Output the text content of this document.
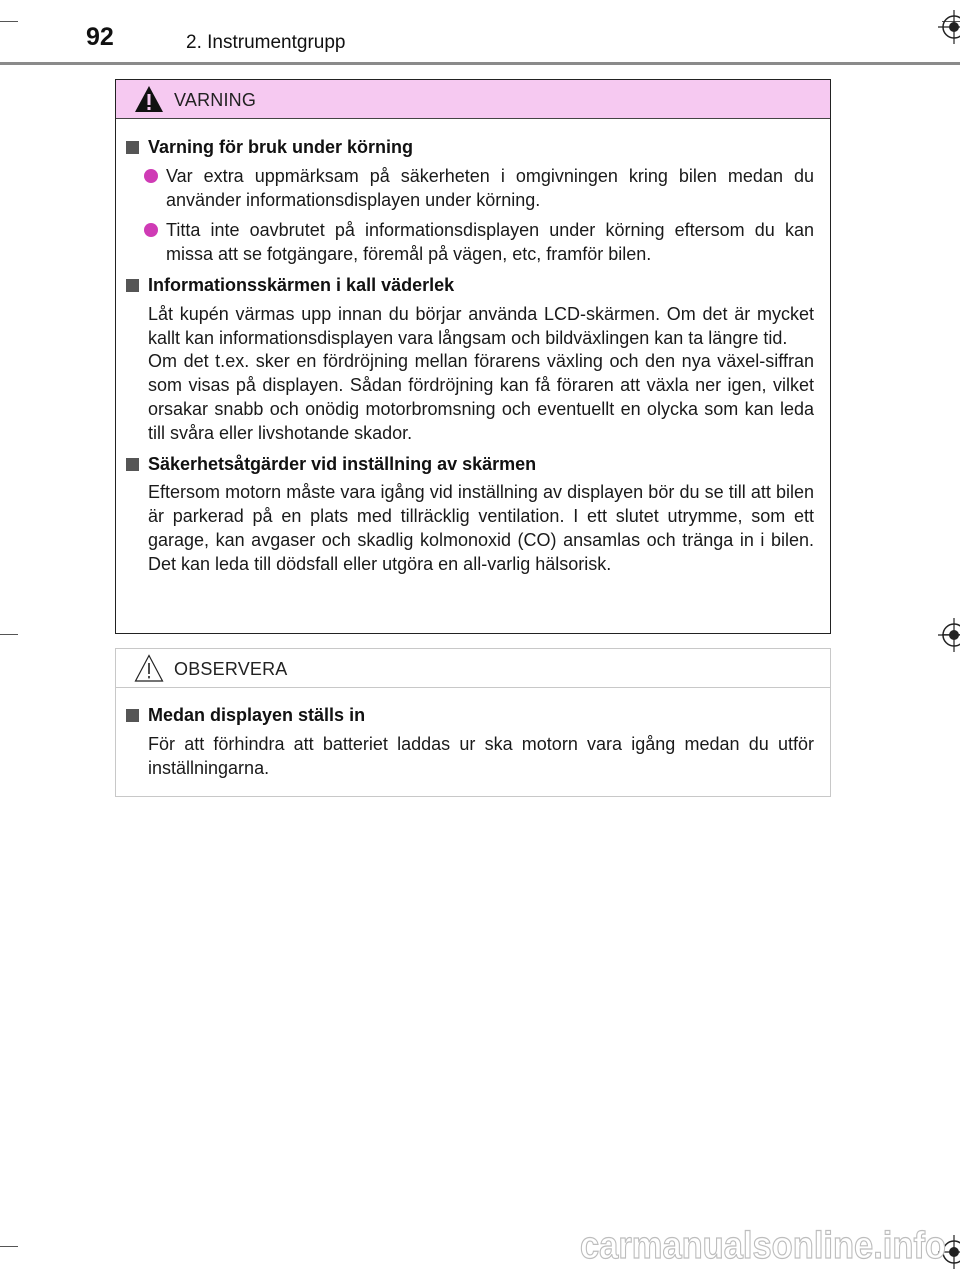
92	2. Instrumentgrupp
VARNING
Varning för bruk under körning
Var extra uppmärksam på säkerheten i omgivningen kring bilen medan du använder informationsdisplayen under körning.
Titta inte oavbrutet på informationsdisplayen under körning eftersom du kan missa att se fotgängare, föremål på vägen, etc, framför bilen.
Informationsskärmen i kall väderlek

Låt kupén värmas upp innan du börjar använda LCD-skärmen. Om det är mycket kallt kan informationsdisplayen vara långsam och bildväxlingen kan ta längre tid.

Om det t.ex. sker en fördröjning mellan förarens växling och den nya växel-siffran som visas på displayen. Sådan fördröjning kan få föraren att växla ner igen, vilket orsakar snabb och onödig motorbromsning och eventuellt en olycka som kan leda till svåra eller livshotande skador.

Säkerhetsåtgärder vid inställning av skärmen

Eftersom motorn måste vara igång vid inställning av displayen bör du se till att bilen är parkerad på en plats med tillräcklig ventilation. I ett slutet utrymme, som ett garage, kan avgaser och skadlig kolmonoxid (CO) ansamlas och tränga in i bilen. Det kan leda till dödsfall eller utgöra en all-varlig hälsorisk.

OBSERVERA
Medan displayen ställs in

För att förhindra att batteriet laddas ur ska motorn vara igång medan du utför inställningarna.

carmanualsonline.info
